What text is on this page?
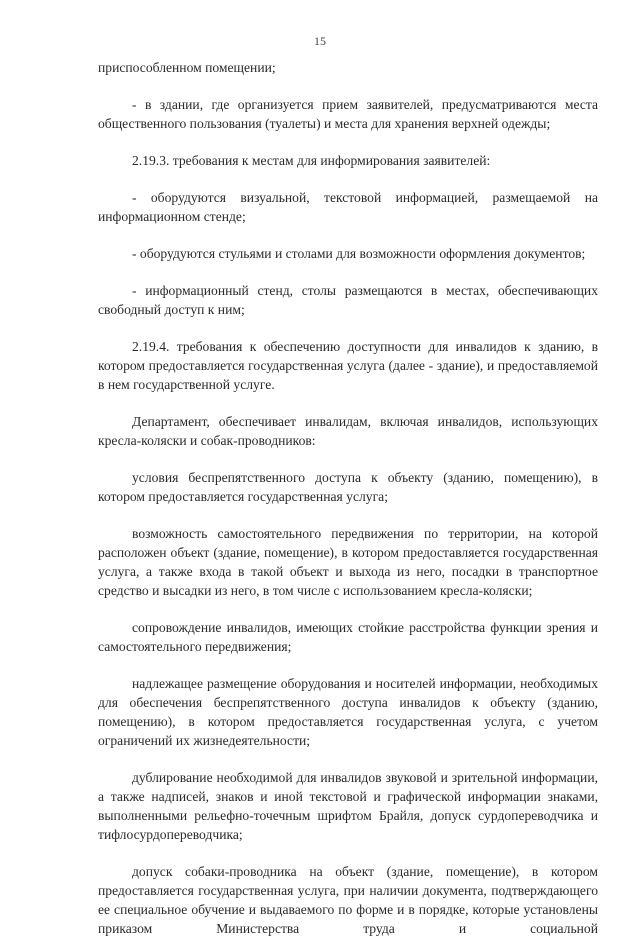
15

приспособленном помещении;

- в здании, где организуется прием заявителей, предусматриваются места общественного пользования (туалеты) и места для хранения верхней одежды;

2.19.3. требования к местам для информирования заявителей:

- оборудуются визуальной, текстовой информацией, размещаемой на информационном стенде;

- оборудуются стульями и столами для возможности оформления документов;

- информационный стенд, столы размещаются в местах, обеспечивающих свободный доступ к ним;

2.19.4. требования к обеспечению доступности для инвалидов к зданию, в котором предоставляется государственная услуга (далее - здание), и предоставляемой в нем государственной услуге.

Департамент, обеспечивает инвалидам, включая инвалидов, использующих кресла-коляски и собак-проводников:

условия беспрепятственного доступа к объекту (зданию, помещению), в котором предоставляется государственная услуга;

возможность самостоятельного передвижения по территории, на которой расположен объект (здание, помещение), в котором предоставляется государственная услуга, а также входа в такой объект и выхода из него, посадки в транспортное средство и высадки из него, в том числе с использованием кресла-коляски;

сопровождение инвалидов, имеющих стойкие расстройства функции зрения и самостоятельного передвижения;

надлежащее размещение оборудования и носителей информации, необходимых для обеспечения беспрепятственного доступа инвалидов к объекту (зданию, помещению), в котором предоставляется государственная услуга, с учетом ограничений их жизнедеятельности;

дублирование необходимой для инвалидов звуковой и зрительной информации, а также надписей, знаков и иной текстовой и графической информации знаками, выполненными рельефно-точечным шрифтом Брайля, допуск сурдопереводчика и тифлосурдопереводчика;

допуск собаки-проводника на объект (здание, помещение), в котором предоставляется государственная услуга, при наличии документа, подтверждающего ее специальное обучение и выдаваемого по форме и в порядке, которые установлены приказом Министерства труда и социальной
